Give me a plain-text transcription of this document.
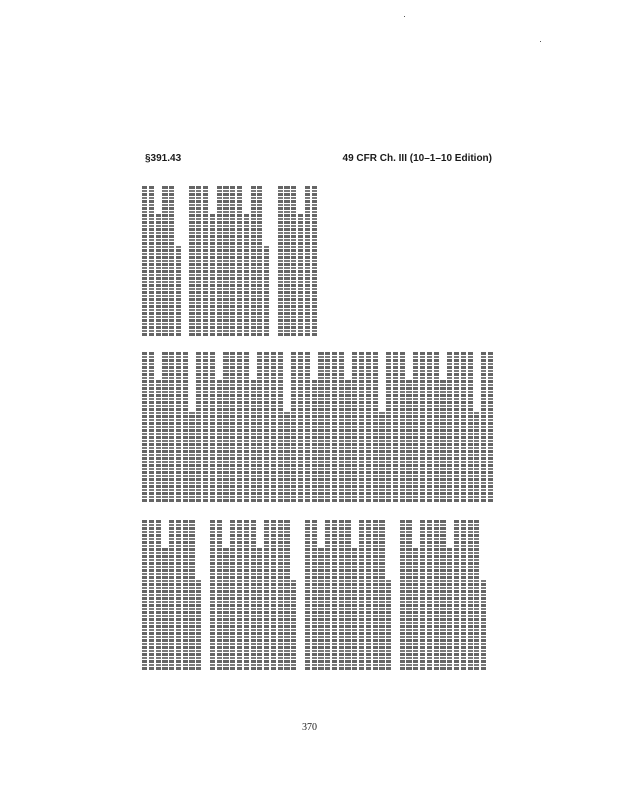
§391.43	49 CFR Ch. III (10–1–10 Edition)

370
